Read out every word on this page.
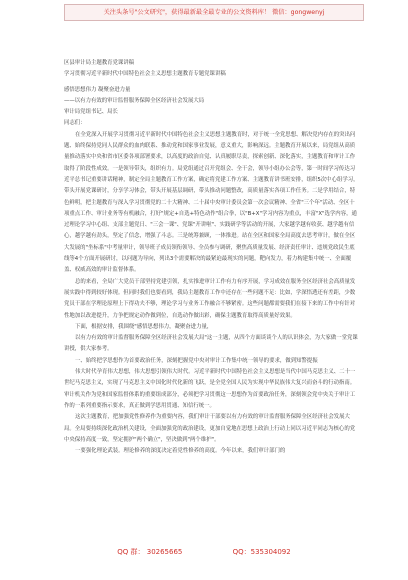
关注头条号"公文研究"，获得最新最全最专业的公文资料库！ 微信：gongwenyj

区县审计局主题教育党课讲稿

学习贯彻习近平新时代中国特色社会主义思想主题教育专题党课讲稿

感悟思想伟力 凝聚奋进力量

——以有力有效的审计监督服务保障全区经济社会发展大局

审计局党组书记、局长

同志们：

在全党深入开展学习贯彻习近平新时代中国特色社会主义思想主题教育时，对于统一全党思想、解决党内存在的突出问题、始终保持党同人民群众的血肉联系、推动党和国家事业发展，意义重大，影响深远。主题教育开展以来，局党组从高质量推动落实中央和省市区委各项部署要求，以高度的政治自觉、认真履职尽责，探索创新、深化落实，主题教育和审计工作取得了阶段性成效。一是领导带头，组织有力。局党组通过召开党组会、全干会，领导小组办公会等，第一时间学习传达习近平总书记重要讲话精神，制定全局主题教育工作方案，确定将党建工作方案、主题教育讲书班安排，组织5次中心组学习，带头开展党课研讨，分享学习体会，带头开展基层调研，带头推动问题整改，高质量落实各项工作任务。二是学用结合，特色鲜明，把主题教育与深入学习贯彻党的二十大精神、二十届中央审计委员会第一次会议精神、全省"三个年"活动、全区十项重点工作、审计业务等有机融合，打好"规定+自选+特色动作"组合拳，以"B+X"学习内容为重点，丰富"X"选学内容，通过理论学习中心组、支部主题党日、"三会一课"、党课"开讲啦"、实践研学等活动的开展，大家越学越有收获、越学越有信心，越学越有劲头，坚定了信念，增强了斗志。三是统筹兼顾，一体推进。站在全区和国家全局高度去思考审计，做在全区大发展的"坐标系"中考量审计，领导班子成员领衔领导、全员参与调研，聚焦高质量发展、经济责任审计、违规党政民生底线等4个方面开展研讨，以问题为导向，列出3个需要解决的最紧迫最现实的问题，靶向发力，着力构建集中统一、全面覆盖、权威高效的审计监督体系。

总的来看，全局广大党员干部坚持党建引领，扎实推进审计工作有力有序开展，学习成效在服务全区经济社会高质量发展实践中得到较好体现。但同时我们也要看到，我局主题教育工作中还存在一些问题不足：比如，学深悟透还有差距，少数党员干部在学理论原理上下得功夫不够，理论学习与业务工作融合不够紧密。这些问题都需要我们在接下来的工作中有针对性地加以改进提升，力争把规定动作做到位，自选动作做出彩，确保主题教育取得高质量好效果。

下面，根据安排，我围绕"感悟思想伟力，凝聚奋进力量，

以有力有效的审计监督服务保障全区经济社会发展大局"这一主题，从四个方面谈谈个人的认识体会，为大家做一堂党课讲授，供大家参考。

一、始终把学思想作为首要政治任务，深刻把握党中央对审计工作集中统一领导的要求，做到知警提振

伟大时代孕育伟大思想，伟大思想引领伟大时代。习近平新时代中国特色社会主义思想是当代中国马克思主义、二十一世纪马克思主义，实现了马克思主义中国化时代化新的飞跃，是全党全国人民为实现中华民族伟大复兴而奋斗的行动指南。审计机关作为党和国家监督体系的重要组成部分，必须把学习贯彻这一思想作为首要政治任务，深刻领会党中央关于审计工作的一系列重要指示要求，真正做到学思用贯通、知信行统一。

这次主题教育，把加强党性修养作为重要内容，我们审计干部要以有力有效的审计监督服务保障全区经济社会发展大局。全局要持续深化政治机关建设，全面加强党的政治建设，更加自觉地在思想上政治上行动上同以习近平同志为核心的党中央保持高度一致，坚定拥护"两个确立"，坚决做到"两个维护"。

一要强化理论武装。理论修养的深度决定着党性修养的高度。今年以来，我们审计部门的

QQ 群： 30265665	QQ：535304092
